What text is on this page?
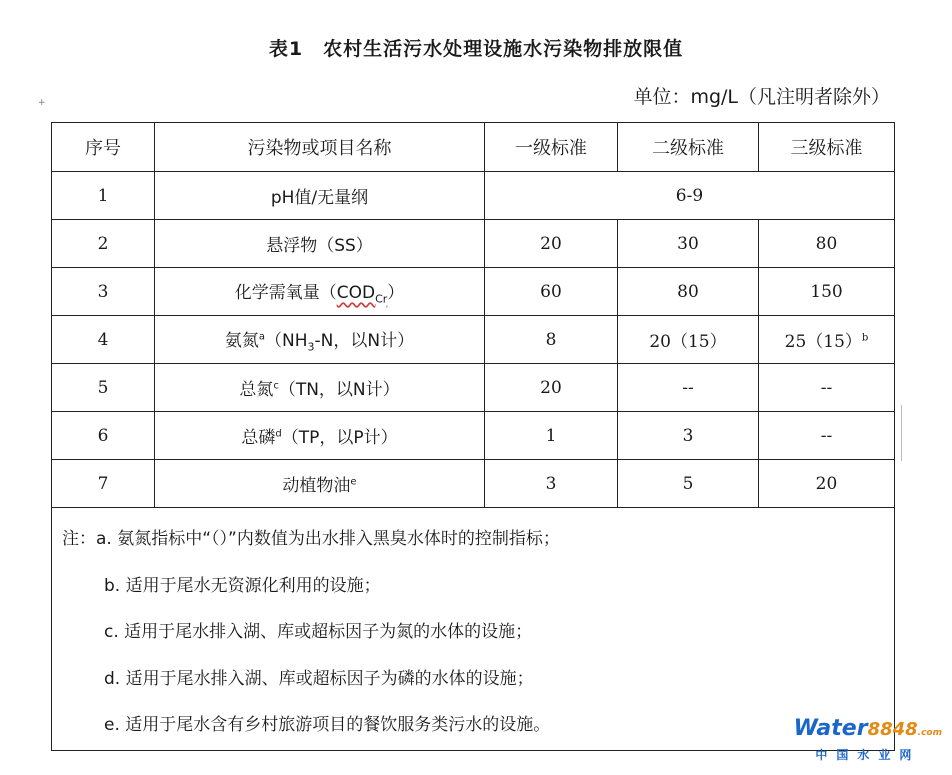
表1　农村生活污水处理设施水污染物排放限值
+	单位：mg/L（凡注明者除外）
序号	污染物或项目名称	一级标准	二级标准	三级标准
1	pH值/无量纲	6-9		
2	悬浮物（SS）	20	30	80
3	化学需氧量$(COD_{Cr})$	60	80	150
4	氨氮$^a(NH_3-N$，以N计）	8	20（15）	$25(15)^b$
5	总氮$^c$（TN，以N计）	20	--	--
6	总磷$^d$（TP，以P计）	1	3	--
7	动植物油$^e$	3	5	20

注：a. 氨氮指标中“（）”内数值为出水排入黑臭水体时的控制指标；
b. 适用于尾水无资源化利用的设施；
c. 适用于尾水排入湖、库或超标因子为氮的水体的设施；
d. 适用于尾水排入湖、库或超标因子为磷的水体的设施；
e. 适用于尾水含有乡村旅游项目的餐饮服务类污水的设施。					Water8848.com
中国水业网
